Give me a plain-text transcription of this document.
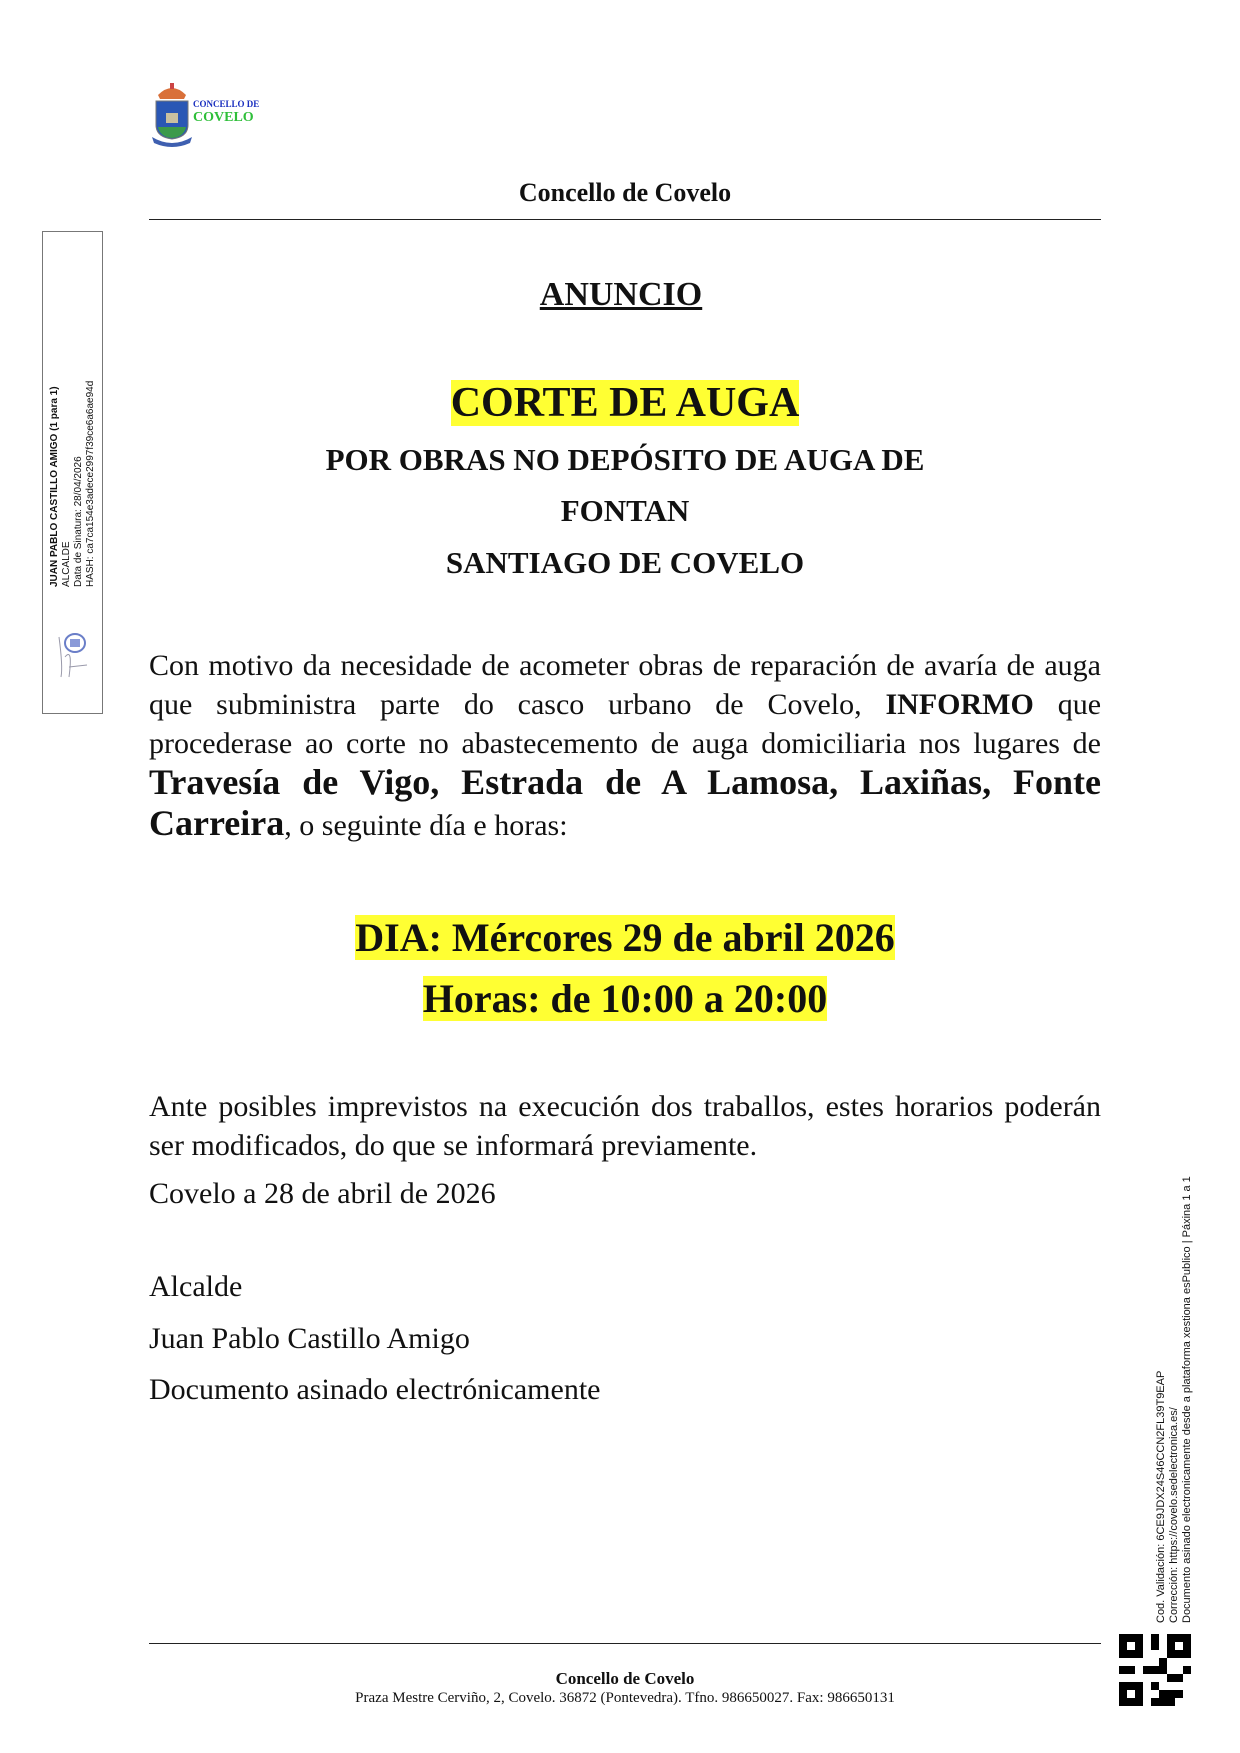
CONCELLO DE
COVELO
Concello de Covelo
JUAN PABLO CASTILLO AMIGO (1 para 1) ALCALDE Data de Sinatura: 28/04/2026 HASH: ca7ca154e3adece2997f39ce6a6ae94d
ANUNCIO
CORTE DE AUGA
POR OBRAS NO DEPÓSITO DE AUGA DE
FONTAN
SANTIAGO DE COVELO
Con motivo da necesidade de acometer obras de reparación de avaría de auga que subministra parte do casco urbano de Covelo, INFORMO que procederase ao corte no abastecemento de auga domiciliaria nos lugares de Travesía de Vigo, Estrada de A Lamosa, Laxiñas, Fonte Carreira, o seguinte día e horas:
DIA: Mércores 29 de abril 2026
Horas: de 10:00 a 20:00
Ante posibles imprevistos na execución dos traballos, estes horarios poderán ser modificados, do que se informará previamente.
Covelo a 28 de abril de 2026
Alcalde
Juan Pablo Castillo Amigo
Documento asinado electrónicamente	Cod. Validación: 6CE9JDX24S46CCN2FL39T9EAP Corrección: https://covelo.sedelectronica.es/ Documento asinado electronicamente desde a plataforma xestiona esPublico | Páxina 1 a 1
Concello de Covelo
Praza Mestre Cerviño, 2, Covelo. 36872 (Pontevedra). Tfno. 986650027. Fax: 986650131
